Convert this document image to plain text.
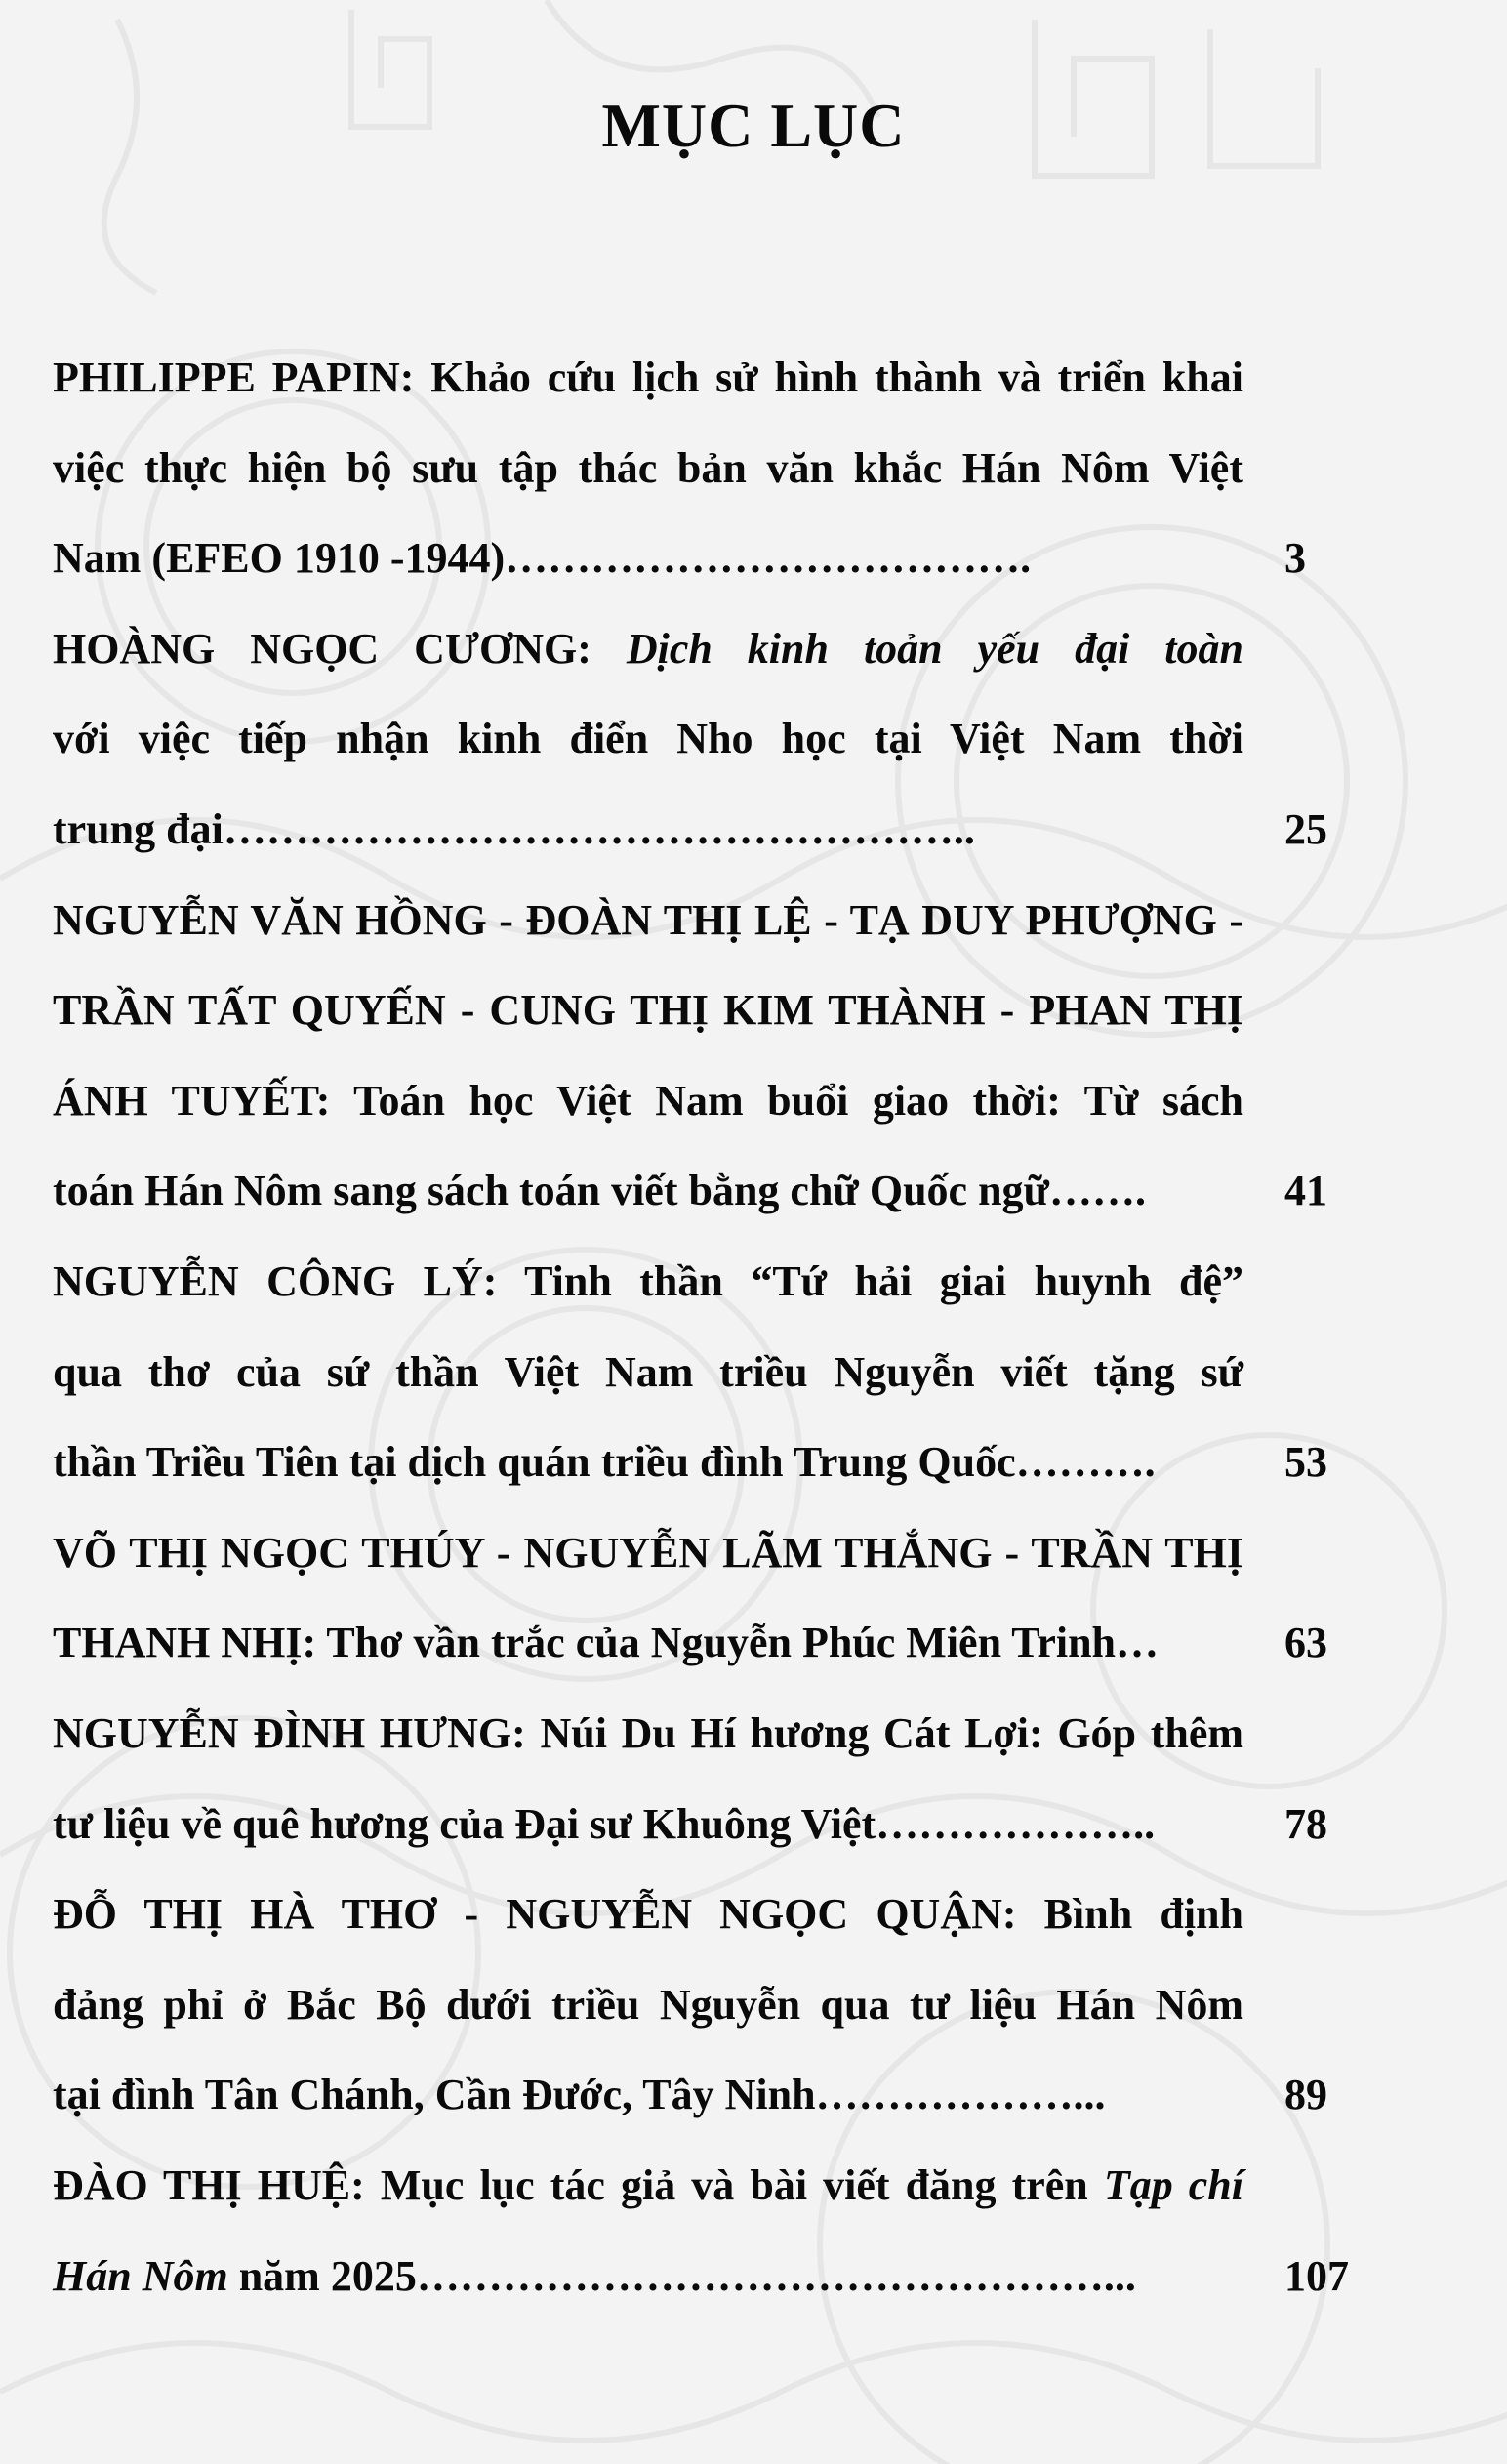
MỤC LỤC
PHILIPPE PAPIN: Khảo cứu lịch sử hình thành và triển khai
việc thực hiện bộ sưu tập thác bản văn khắc Hán Nôm Việt
Nam (EFEO 1910 -1944)……………………………….	3
HOÀNG NGỌC CƯƠNG: Dịch kinh toản yếu đại toàn
với việc tiếp nhận kinh điển Nho học tại Việt Nam thời
trung đại……………………………………………..	25
NGUYỄN VĂN HỒNG - ĐOÀN THỊ LỆ - TẠ DUY PHƯỢNG -
TRẦN TẤT QUYẾN - CUNG THỊ KIM THÀNH - PHAN THỊ
ÁNH TUYẾT: Toán học Việt Nam buổi giao thời: Từ sách
toán Hán Nôm sang sách toán viết bằng chữ Quốc ngữ…….	41
NGUYỄN CÔNG LÝ: Tinh thần “Tứ hải giai huynh đệ”
qua thơ của sứ thần Việt Nam triều Nguyễn viết tặng sứ
thần Triều Tiên tại dịch quán triều đình Trung Quốc……….	53
VÕ THỊ NGỌC THÚY - NGUYỄN LÃM THẮNG - TRẦN THỊ
THANH NHỊ: Thơ vần trắc của Nguyễn Phúc Miên Trinh…	63
NGUYỄN ĐÌNH HƯNG: Núi Du Hí hương Cát Lợi: Góp thêm
tư liệu về quê hương của Đại sư Khuông Việt………………..	78
ĐỖ THỊ HÀ THƠ - NGUYỄN NGỌC QUẬN: Bình định
đảng phỉ ở Bắc Bộ dưới triều Nguyễn qua tư liệu Hán Nôm
tại đình Tân Chánh, Cần Đước, Tây Ninh………………...	89
ĐÀO THỊ HUỆ: Mục lục tác giả và bài viết đăng trên Tạp chí
Hán Nôm năm 2025…………………………………………...	107
